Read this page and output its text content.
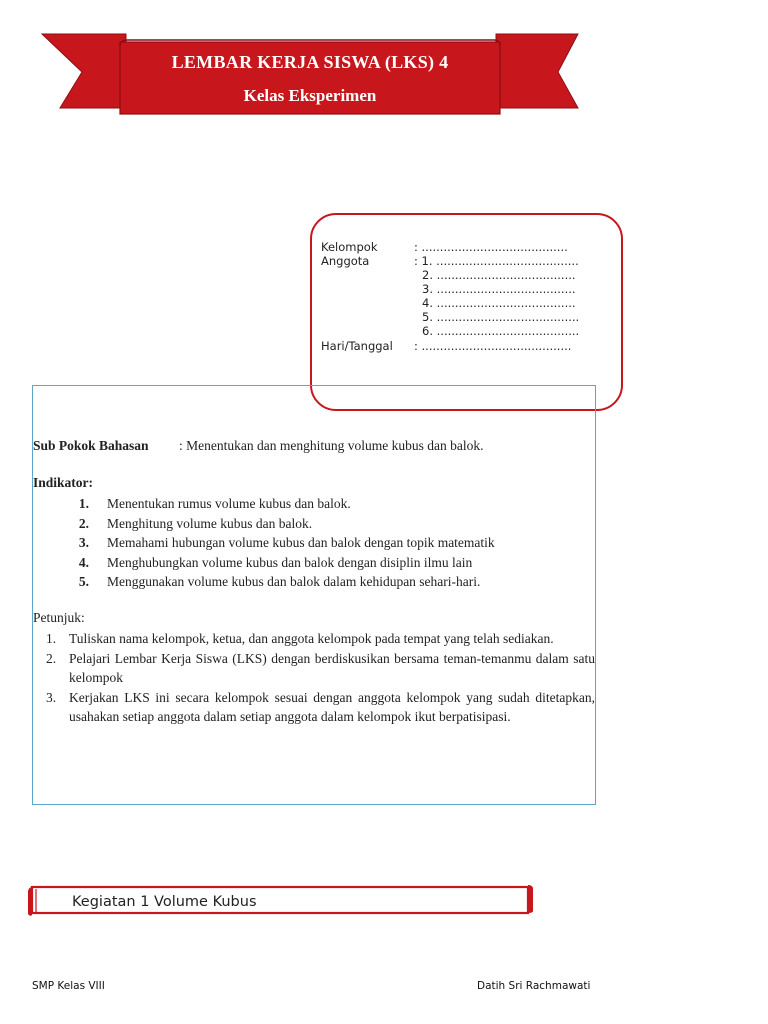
LEMBAR KERJA SISWA (LKS) 4
Kelas Eksperimen
Kelompok	: ........................................
Anggota	: 1. .......................................
2. ......................................
3. ......................................
4. ......................................
5. .......................................
6. .......................................
Hari/Tanggal : .........................................
Sub Pokok Bahasan : Menentukan dan menghitung volume kubus dan balok.
Indikator:
1. Menentukan rumus volume kubus dan balok.
2. Menghitung volume kubus dan balok.
3. Memahami hubungan volume kubus dan balok dengan topik matematik
4. Menghubungkan volume kubus dan balok dengan disiplin ilmu lain
5. Menggunakan volume kubus dan balok dalam kehidupan sehari-hari.
Petunjuk:
1. Tuliskan nama kelompok, ketua, dan anggota kelompok pada tempat yang telah sediakan.
2. Pelajari Lembar Kerja Siswa (LKS) dengan berdiskusikan bersama teman-temanmu dalam satu kelompok
3. Kerjakan LKS ini secara kelompok sesuai dengan anggota kelompok yang sudah ditetapkan, usahakan setiap anggota dalam setiap anggota dalam kelompok ikut berpatisipasi.
Kegiatan 1 Volume Kubus
SMP Kelas VIII	Datih Sri Rachmawati
